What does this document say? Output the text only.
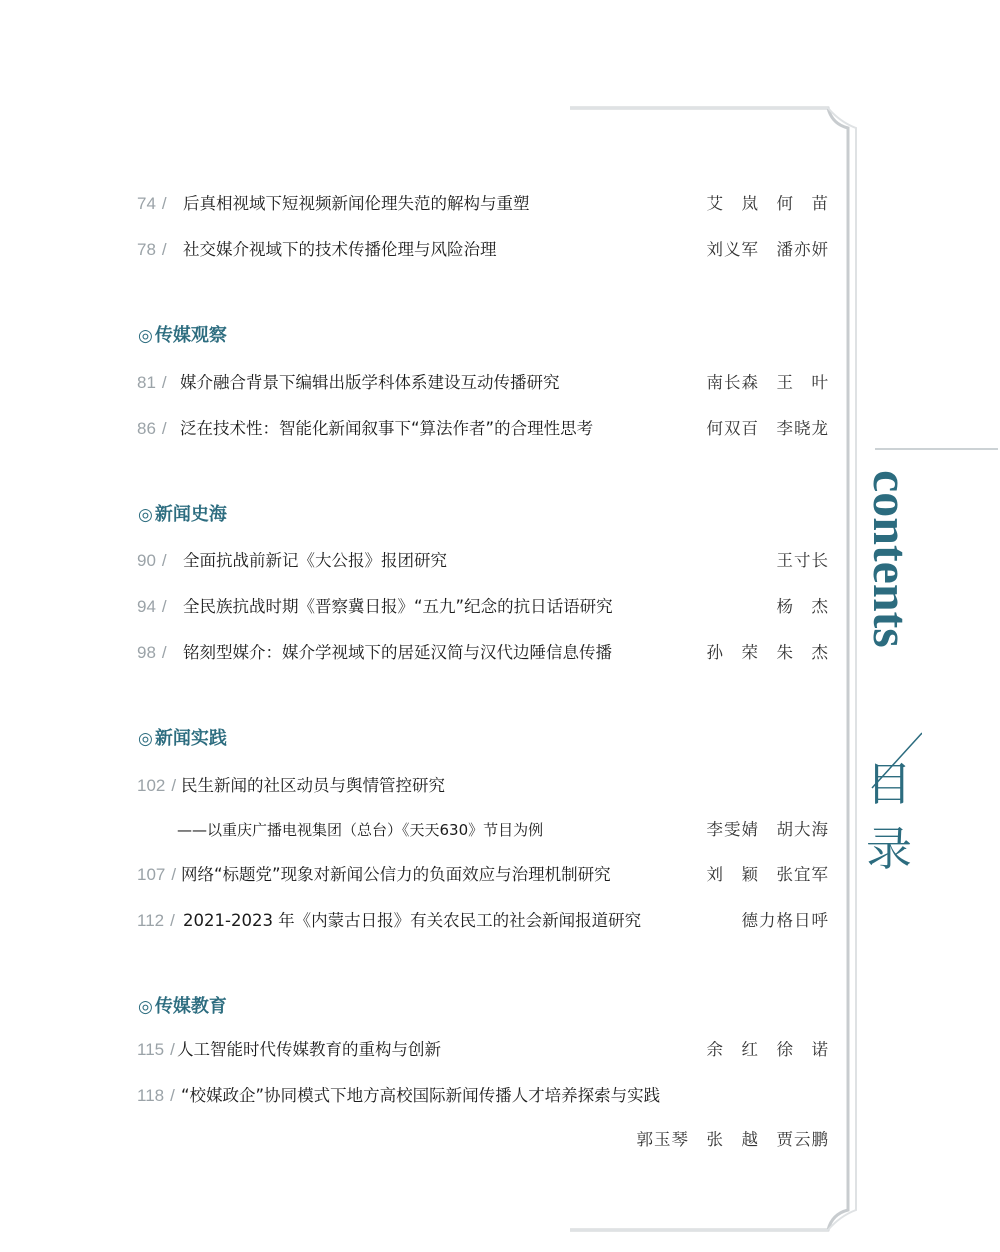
74 / 后真相视域下短视频新闻伦理失范的解构与重塑	艾　岚　何　苗
78 / 社交媒介视域下的技术传播伦理与风险治理	刘义军　潘亦妍
◎ 传媒观察
81 / 媒介融合背景下编辑出版学科体系建设互动传播研究	南长森　王　叶
86 / 泛在技术性：智能化新闻叙事下“算法作者”的合理性思考	何双百　李晓龙
◎ 新闻史海
90 / 全面抗战前新记《大公报》报团研究	王寸长
94 / 全民族抗战时期《晋察冀日报》“五九”纪念的抗日话语研究	杨　杰
98 / 铭刻型媒介：媒介学视域下的居延汉简与汉代边陲信息传播	孙　荣　朱　杰
◎ 新闻实践
102 / 民生新闻的社区动员与舆情管控研究
——以重庆广播电视集团（总台）《天天630》节目为例	李雯婧　胡大海
107 / 网络“标题党”现象对新闻公信力的负面效应与治理机制研究	刘　颖　张宜军
112 / 2021-2023 年《内蒙古日报》有关农民工的社会新闻报道研究	德力格日呼
◎ 传媒教育
115 / 人工智能时代传媒教育的重构与创新	余　红　徐　诺
118 / “校媒政企”协同模式下地方高校国际新闻传播人才培养探索与实践
郭玉琴　张　越　贾云鹏
contents
目
录
